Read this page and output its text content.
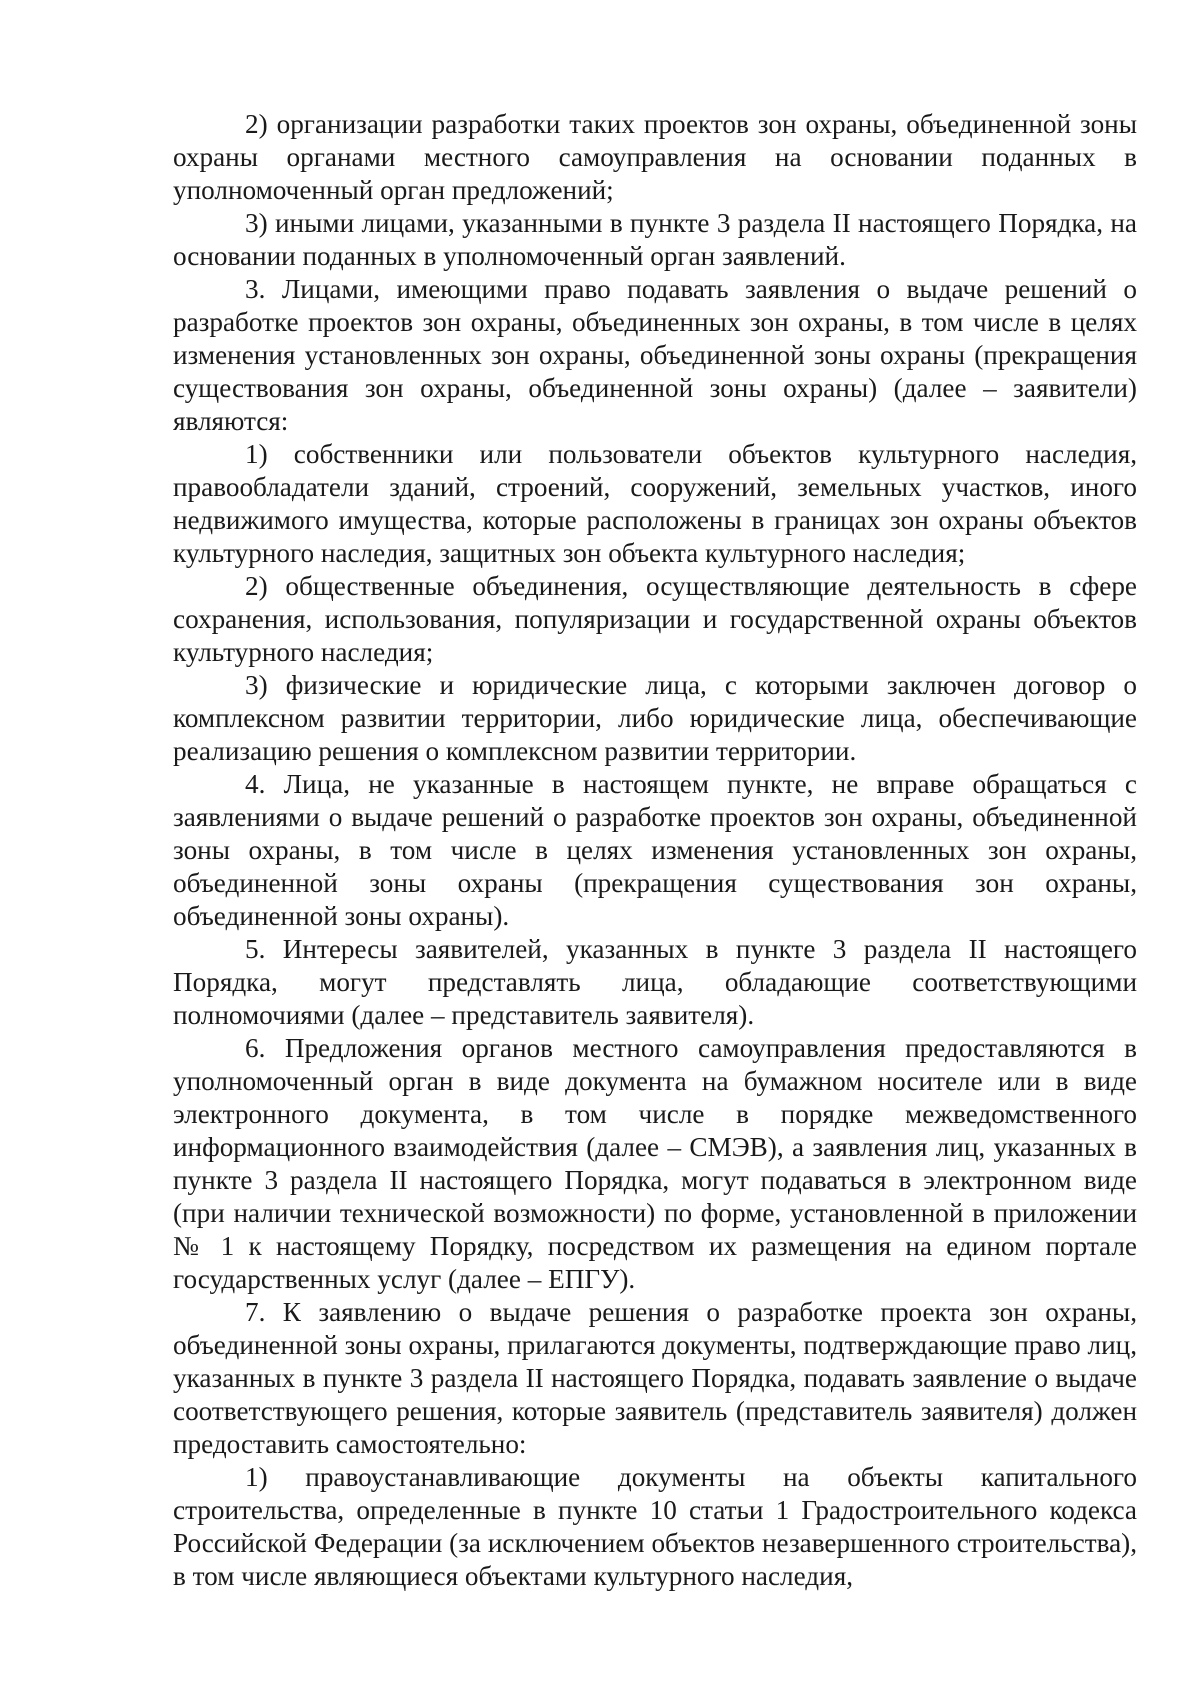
2) организации разработки таких проектов зон охраны, объединенной зоны охраны органами местного самоуправления на основании поданных в уполномоченный орган предложений;

3) иными лицами, указанными в пункте 3 раздела II настоящего Порядка, на основании поданных в уполномоченный орган заявлений.

3. Лицами, имеющими право подавать заявления о выдаче решений о разработке проектов зон охраны, объединенных зон охраны, в том числе в целях изменения установленных зон охраны, объединенной зоны охраны (прекращения существования зон охраны, объединенной зоны охраны) (далее – заявители) являются:

1) собственники или пользователи объектов культурного наследия, правообладатели зданий, строений, сооружений, земельных участков, иного недвижимого имущества, которые расположены в границах зон охраны объектов культурного наследия, защитных зон объекта культурного наследия;

2) общественные объединения, осуществляющие деятельность в сфере сохранения, использования, популяризации и государственной охраны объектов культурного наследия;

3) физические и юридические лица, с которыми заключен договор о комплексном развитии территории, либо юридические лица, обеспечивающие реализацию решения о комплексном развитии территории.

4. Лица, не указанные в настоящем пункте, не вправе обращаться с заявлениями о выдаче решений о разработке проектов зон охраны, объединенной зоны охраны, в том числе в целях изменения установленных зон охраны, объединенной зоны охраны (прекращения существования зон охраны, объединенной зоны охраны).

5. Интересы заявителей, указанных в пункте 3 раздела II настоящего Порядка, могут представлять лица, обладающие соответствующими полномочиями (далее – представитель заявителя).

6. Предложения органов местного самоуправления предоставляются в уполномоченный орган в виде документа на бумажном носителе или в виде электронного документа, в том числе в порядке межведомственного информационного взаимодействия (далее – СМЭВ), а заявления лиц, указанных в пункте 3 раздела II настоящего Порядка, могут подаваться в электронном виде (при наличии технической возможности) по форме, установленной в приложении № 1 к настоящему Порядку, посредством их размещения на едином портале государственных услуг (далее – ЕПГУ).

7. К заявлению о выдаче решения о разработке проекта зон охраны, объединенной зоны охраны, прилагаются документы, подтверждающие право лиц, указанных в пункте 3 раздела II настоящего Порядка, подавать заявление о выдаче соответствующего решения, которые заявитель (представитель заявителя) должен предоставить самостоятельно:

1) правоустанавливающие документы на объекты капитального строительства, определенные в пункте 10 статьи 1 Градостроительного кодекса Российской Федерации (за исключением объектов незавершенного строительства), в том числе являющиеся объектами культурного наследия,
